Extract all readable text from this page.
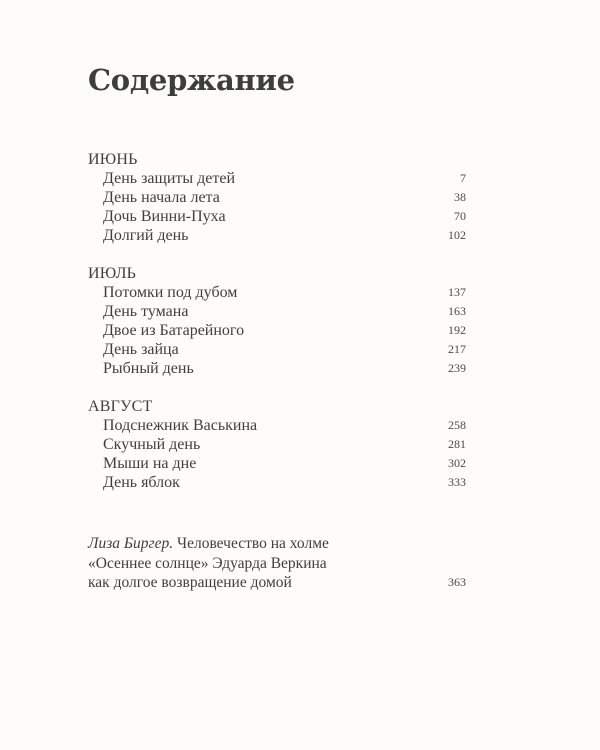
Содержание
ИЮНЬ
День защиты детей	7
День начала лета	38
Дочь Винни-Пуха	70
Долгий день	102
ИЮЛЬ
Потомки под дубом	137
День тумана	163
Двое из Батарейного	192
День зайца	217
Рыбный день	239
АВГУСТ
Подснежник Васькина	258
Скучный день	281
Мыши на дне	302
День яблок	333
Лиза Биргер. Человечество на холме
«Осеннее солнце» Эдуарда Веркина
как долгое возвращение домой	363
